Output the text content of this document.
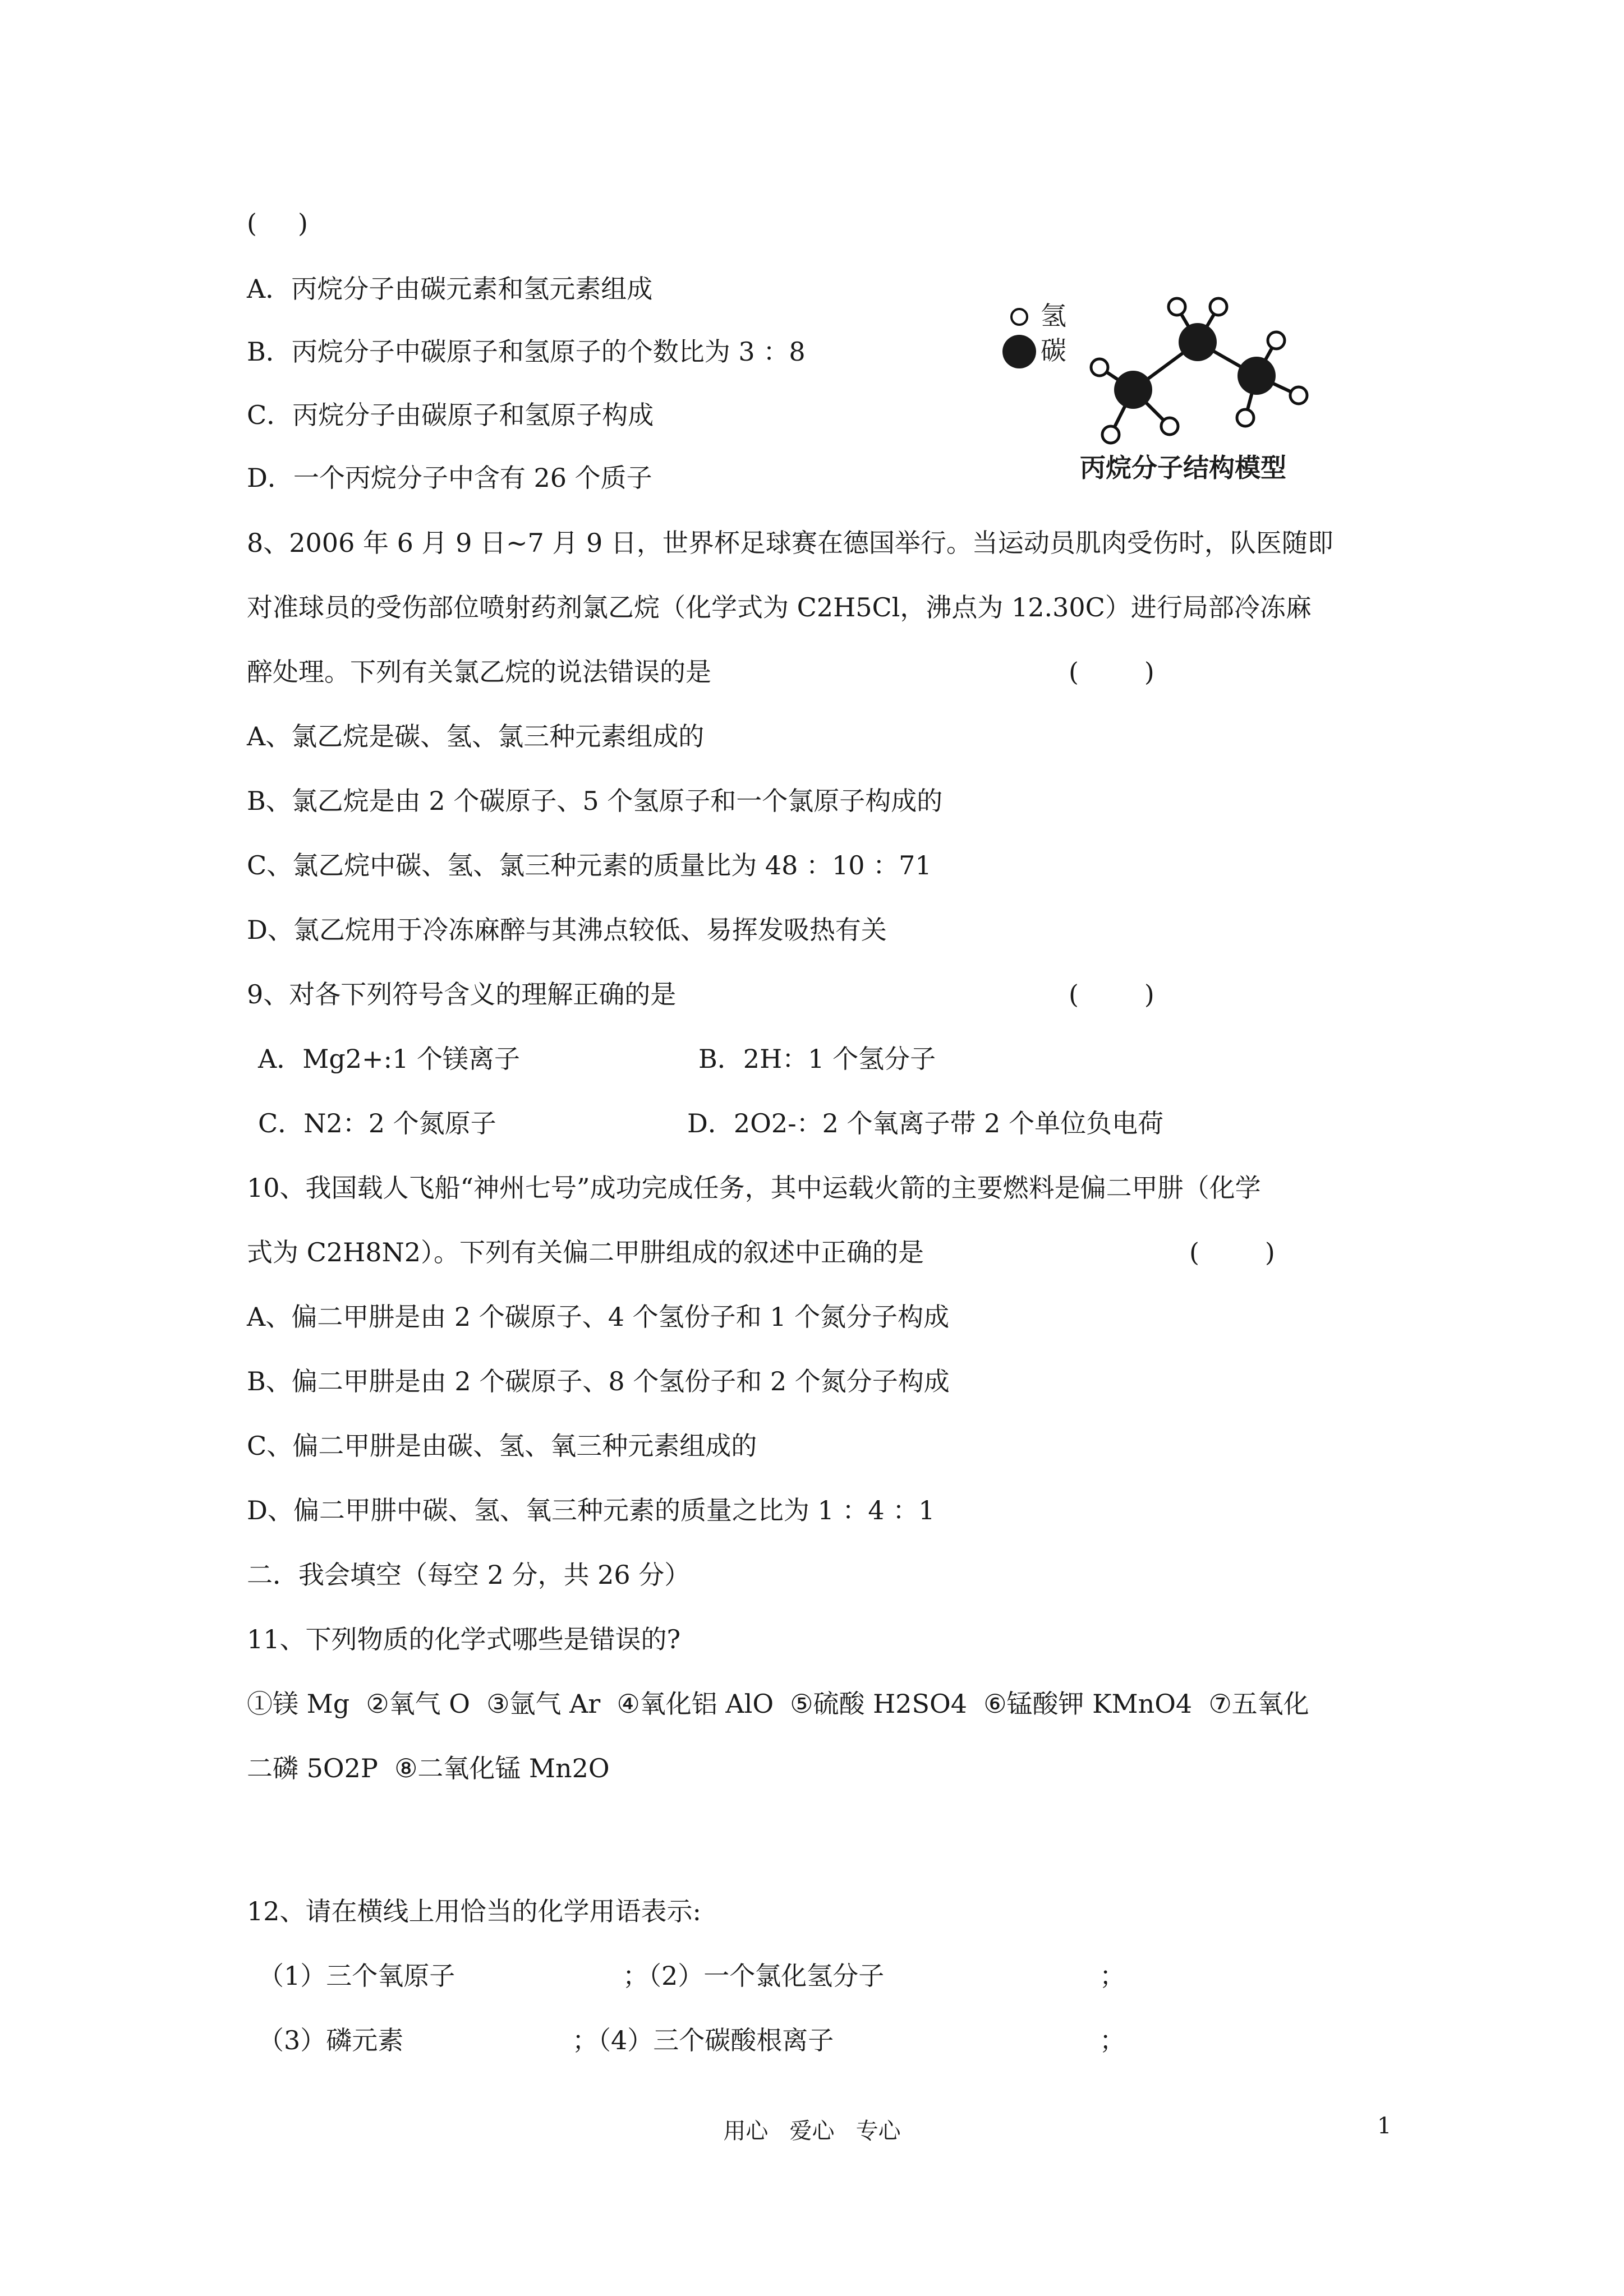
(     )
A．丙烷分子由碳元素和氢元素组成
B．丙烷分子中碳原子和氢原子的个数比为 3 ：8
C．丙烷分子由碳原子和氢原子构成
D．一个丙烷分子中含有 26 个质子
氢
碳
丙烷分子结构模型
8、2006 年 6 月 9 日~7 月 9 日，世界杯足球赛在德国举行。当运动员肌肉受伤时，队医随即
对准球员的受伤部位喷射药剂氯乙烷（化学式为 C2H5Cl，沸点为 12.30C）进行局部冷冻麻
醉处理。下列有关氯乙烷的说法错误的是	(        )
A、氯乙烷是碳、氢、氯三种元素组成的
B、氯乙烷是由 2 个碳原子、5 个氢原子和一个氯原子构成的
C、氯乙烷中碳、氢、氯三种元素的质量比为 48 ：10 ：71
D、氯乙烷用于冷冻麻醉与其沸点较低、易挥发吸热有关
9、对各下列符号含义的理解正确的是	(        )
A．Mg2+:1 个镁离子	B．2H：1 个氢分子
C．N2：2 个氮原子	D．2O2-：2 个氧离子带 2 个单位负电荷
10、我国载人飞船“神州七号”成功完成任务，其中运载火箭的主要燃料是偏二甲肼（化学
式为 C2H8N2）。下列有关偏二甲肼组成的叙述中正确的是	(        )
A、偏二甲肼是由 2 个碳原子、4 个氢份子和 1 个氮分子构成
B、偏二甲肼是由 2 个碳原子、8 个氢份子和 2 个氮分子构成
C、偏二甲肼是由碳、氢、氧三种元素组成的
D、偏二甲肼中碳、氢、氧三种元素的质量之比为 1 ：4 ：1
二．我会填空（每空 2 分，共 26 分）
11、下列物质的化学式哪些是错误的?
①镁 Mg  ②氧气 O  ③氩气 Ar  ④氧化铝 AlO  ⑤硫酸 H2SO4  ⑥锰酸钾 KMnO4  ⑦五氧化
二磷 5O2P  ⑧二氧化锰 Mn2O
12、请在横线上用恰当的化学用语表示:
（1）三个氧原子	；（2）一个氯化氢分子	；
（3）磷元素	；（4）三个碳酸根离子	；
用心   爱心   专心	1
